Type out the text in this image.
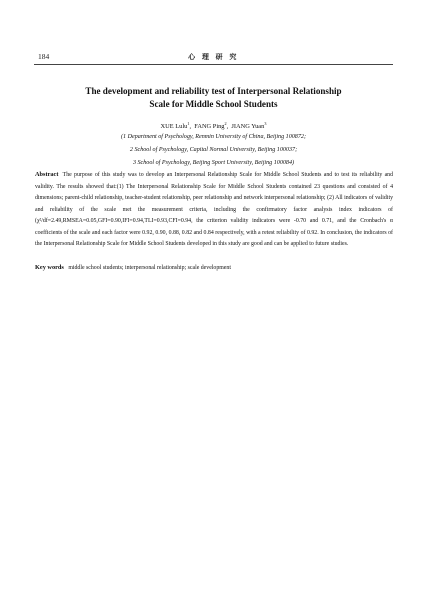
184	心 理 研 究
The development and reliability test of Interpersonal Relationship
Scale for Middle School Students
XUE Lulu$^1$,  FANG Ping$^2$,  JIANG Yuan$^3$
(1 Department of Psychology, Renmin University of China, Beijing 100872;
2 School of Psychology, Capital Normal University, Beijing 100037;
3 School of Psychology, Beijing Sport University, Beijing 100084)
Abstract The purpose of this study was to develop an Interpersonal Relationship Scale for Middle School Students and to test its reliability and validity. The results showed that:(1) The Interpersonal Relationship Scale for Middle School Students contained 23 questions and consisted of 4 dimensions; parent-child relationship, teacher-student relationship, peer relationship and network interpersonal relationship; (2) All indicators of validity and reliability of the scale met the measurement criteria, including the confirmatory factor analysis index indicators of (χ²/df=2.49,RMSEA=0.05,GFI=0.90,IFI=0.94,TLI=0.93,CFI=0.94, the criterion validity indicators were -0.70 and 0.71, and the Cronbach's α coefficients of the scale and each factor were 0.92, 0.90, 0.88, 0.82 and 0.84 respectively, with a retest reliability of 0.92. In conclusion, the indicators of the Interpersonal Relationship Scale for Middle School Students developed in this study are good and can be applied to future studies.
Key words middle school students; interpersonal relationship; scale development
